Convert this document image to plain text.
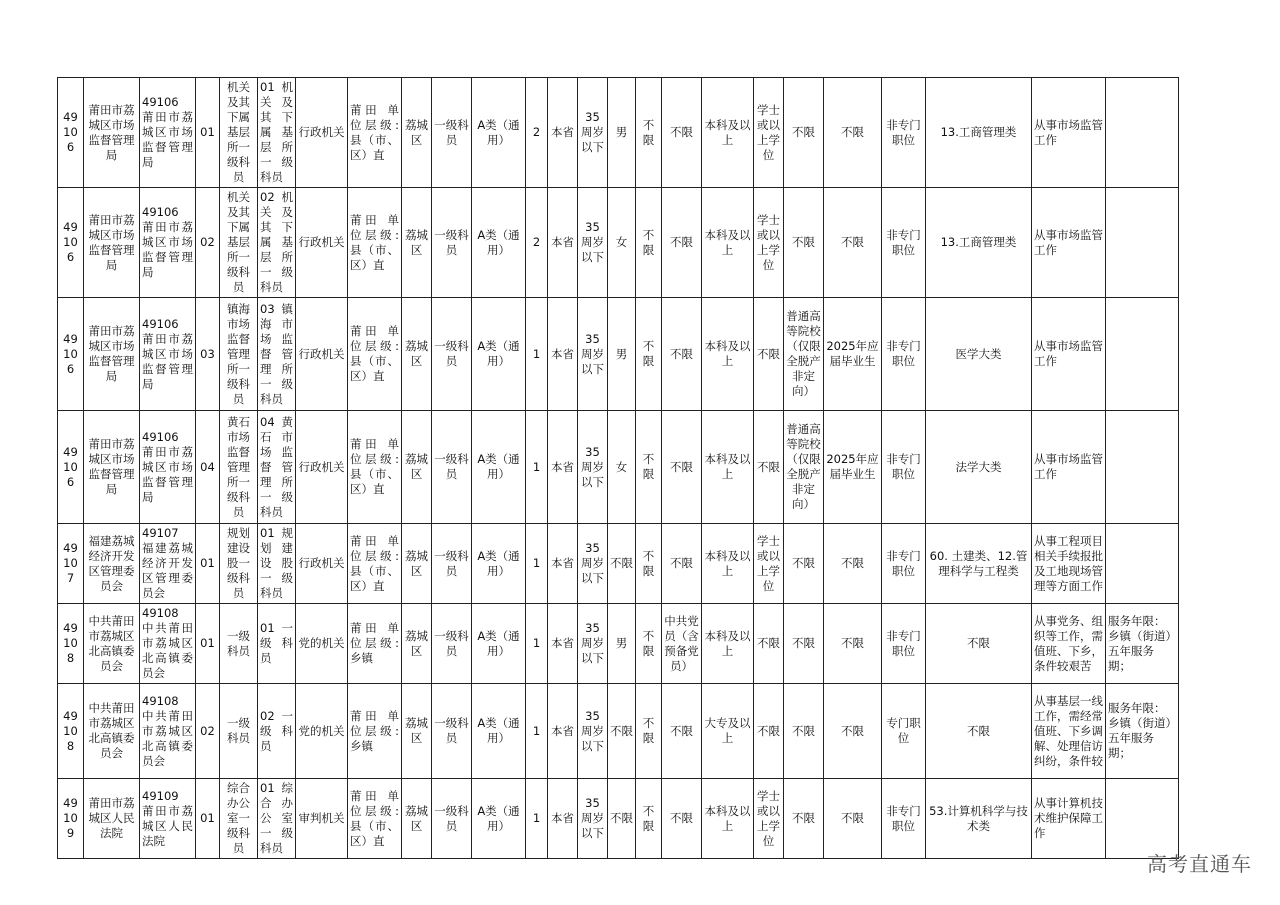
49106	莆田市荔城区市场监督管理局	49106 莆田市荔城区市场监督管理局	01	机关及其下属基层所一级科员	01 机关及其下属基层所一级科员	行政机关	莆田 单位层级: 县（市、区）直	荔城区	一级科员	A类（通用）	2	本省	35周岁以下	男	不限	不限	本科及以上	学士或以上学位	不限	不限	非专门职位	13.工商管理类	从事市场监管工作	
49106	莆田市荔城区市场监督管理局	49106 莆田市荔城区市场监督管理局	02	机关及其下属基层所一级科员	02 机关及其下属基层所一级科员	行政机关	莆田 单位层级: 县（市、区）直	荔城区	一级科员	A类（通用）	2	本省	35周岁以下	女	不限	不限	本科及以上	学士或以上学位	不限	不限	非专门职位	13.工商管理类	从事市场监管工作	
49106	莆田市荔城区市场监督管理局	49106 莆田市荔城区市场监督管理局	03	镇海市场监督管理所一级科员	03 镇海市场监督管理所一级科员	行政机关	莆田 单位层级: 县（市、区）直	荔城区	一级科员	A类（通用）	1	本省	35周岁以下	男	不限	不限	本科及以上	不限	普通高等院校（仅限全脱产非定向）	2025年应届毕业生	非专门职位	医学大类	从事市场监管工作	
49106	莆田市荔城区市场监督管理局	49106 莆田市荔城区市场监督管理局	04	黄石市场监督管理所一级科员	04 黄石市场监督管理所一级科员	行政机关	莆田 单位层级: 县（市、区）直	荔城区	一级科员	A类（通用）	1	本省	35周岁以下	女	不限	不限	本科及以上	不限	普通高等院校（仅限全脱产非定向）	2025年应届毕业生	非专门职位	法学大类	从事市场监管工作	
49107	福建荔城经济开发区管理委员会	49107 福建荔城经济开发区管理委员会	01	规划建设股一级科员	01 规划建设股一级科员	行政机关	莆田 单位层级: 县（市、区）直	荔城区	一级科员	A类（通用）	1	本省	35周岁以下	不限	不限	不限	本科及以上	学士或以上学位	不限	不限	非专门职位	60. 土建类、12.管理科学与工程类	从事工程项目相关手续报批及工地现场管理等方面工作	
49108	中共莆田市荔城区北高镇委员会	49108 中共莆田市荔城区北高镇委员会	01	一级科员	01 一级科员	党的机关	莆田 单位层级: 乡镇	荔城区	一级科员	A类（通用）	1	本省	35周岁以下	男	不限	中共党员（含预备党员）	本科及以上	不限	不限	不限	非专门职位	不限	从事党务、组织等工作，需值班、下乡，条件较艰苦	服务年限：乡镇（街道）五年服务期；
49108	中共莆田市荔城区北高镇委员会	49108 中共莆田市荔城区北高镇委员会	02	一级科员	02 一级科员	党的机关	莆田 单位层级: 乡镇	荔城区	一级科员	A类（通用）	1	本省	35周岁以下	不限	不限	不限	大专及以上	不限	不限	不限	专门职位	不限	从事基层一线工作，需经常值班、下乡调解、处理信访纠纷，条件较	服务年限：乡镇（街道）五年服务期；
49109	莆田市荔城区人民法院	49109 莆田市荔城区人民法院	01	综合办公室一级科员	01 综合办公室一级科员	审判机关	莆田 单位层级: 县（市、区）直	荔城区	一级科员	A类（通用）	1	本省	35周岁以下	不限	不限	不限	本科及以上	学士或以上学位	不限	不限	非专门职位	53.计算机科学与技术类	从事计算机技术维护保障工作	
高考直通车
